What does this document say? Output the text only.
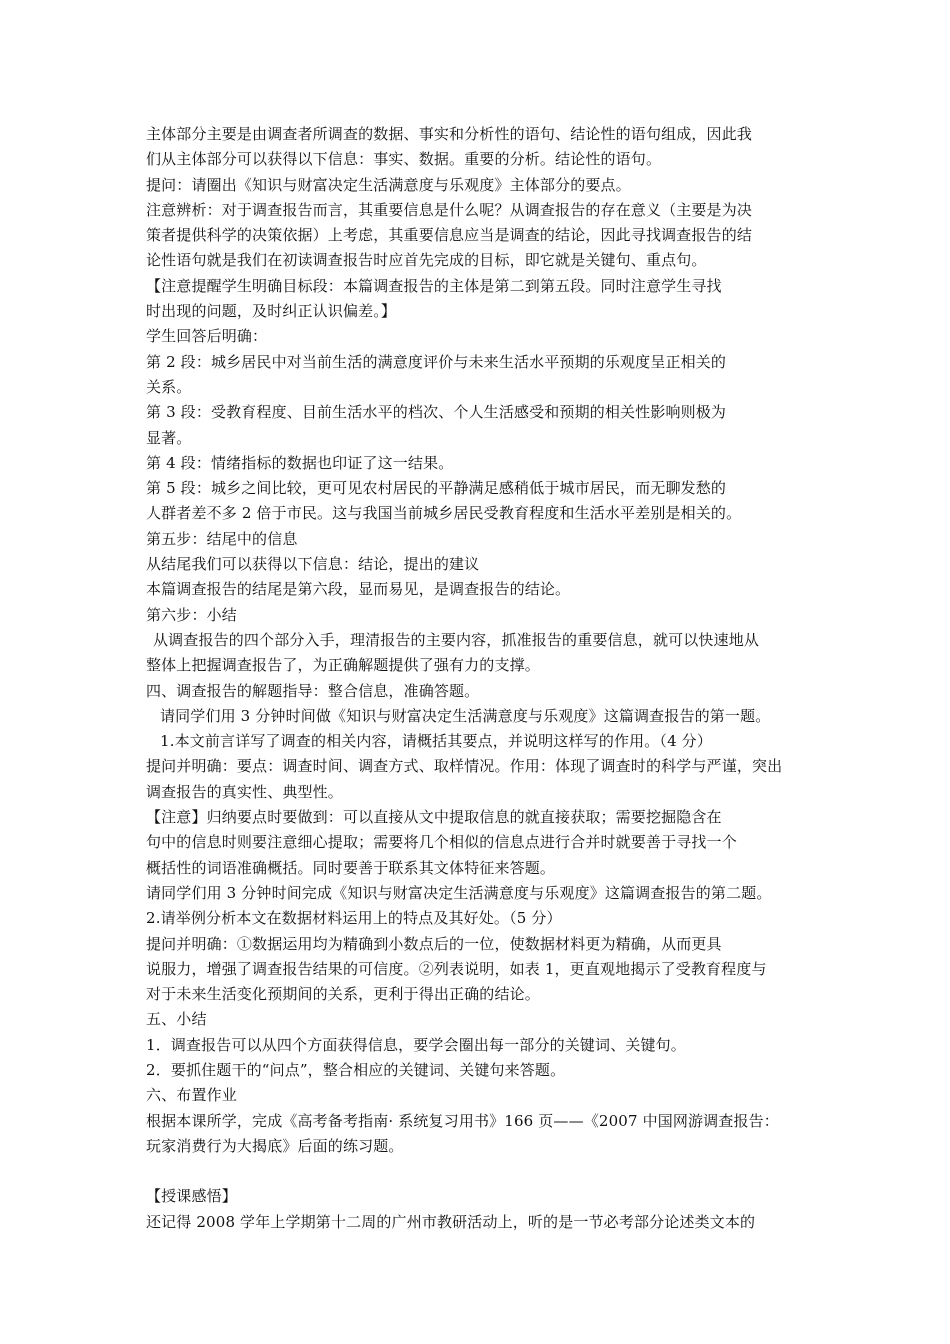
主体部分主要是由调查者所调查的数据、事实和分析性的语句、结论性的语句组成，因此我
们从主体部分可以获得以下信息：事实、数据。重要的分析。结论性的语句。
提问：请圈出《知识与财富决定生活满意度与乐观度》主体部分的要点。
注意辨析：对于调查报告而言，其重要信息是什么呢？从调查报告的存在意义（主要是为决
策者提供科学的决策依据）上考虑，其重要信息应当是调查的结论，因此寻找调查报告的结
论性语句就是我们在初读调查报告时应首先完成的目标，即它就是关键句、重点句。
【注意提醒学生明确目标段：本篇调查报告的主体是第二到第五段。同时注意学生寻找
时出现的问题，及时纠正认识偏差。】
学生回答后明确：
第 2 段：城乡居民中对当前生活的满意度评价与未来生活水平预期的乐观度呈正相关的
关系。
第 3 段：受教育程度、目前生活水平的档次、个人生活感受和预期的相关性影响则极为
显著。
第 4 段：情绪指标的数据也印证了这一结果。
第 5 段：城乡之间比较，更可见农村居民的平静满足感稍低于城市居民，而无聊发愁的
人群者差不多 2 倍于市民。这与我国当前城乡居民受教育程度和生活水平差别是相关的。
第五步：结尾中的信息
从结尾我们可以获得以下信息：结论，提出的建议
本篇调查报告的结尾是第六段，显而易见，是调查报告的结论。
第六步：小结
从调查报告的四个部分入手，理清报告的主要内容，抓准报告的重要信息，就可以快速地从
整体上把握调查报告了，为正确解题提供了强有力的支撑。
四、调查报告的解题指导：整合信息，准确答题。
请同学们用 3 分钟时间做《知识与财富决定生活满意度与乐观度》这篇调查报告的第一题。
1.本文前言详写了调查的相关内容，请概括其要点，并说明这样写的作用。（4 分）
提问并明确：要点：调查时间、调查方式、取样情况。作用：体现了调查时的科学与严谨，突出
调查报告的真实性、典型性。
【注意】归纳要点时要做到：可以直接从文中提取信息的就直接获取；需要挖掘隐含在
句中的信息时则要注意细心提取；需要将几个相似的信息点进行合并时就要善于寻找一个
概括性的词语准确概括。同时要善于联系其文体特征来答题。
请同学们用 3 分钟时间完成《知识与财富决定生活满意度与乐观度》这篇调查报告的第二题。
2.请举例分析本文在数据材料运用上的特点及其好处。（5 分）
提问并明确：①数据运用均为精确到小数点后的一位，使数据材料更为精确，从而更具
说服力，增强了调查报告结果的可信度。②列表说明，如表 1，更直观地揭示了受教育程度与
对于未来生活变化预期间的关系，更利于得出正确的结论。
五、小结
1．调查报告可以从四个方面获得信息，要学会圈出每一部分的关键词、关键句。
2．要抓住题干的“问点”，整合相应的关键词、关键句来答题。
六、布置作业
根据本课所学，完成《高考备考指南· 系统复习用书》166 页——《2007 中国网游调查报告：
玩家消费行为大揭底》后面的练习题。
【授课感悟】
还记得 2008 学年上学期第十二周的广州市教研活动上，听的是一节必考部分论述类文本的
